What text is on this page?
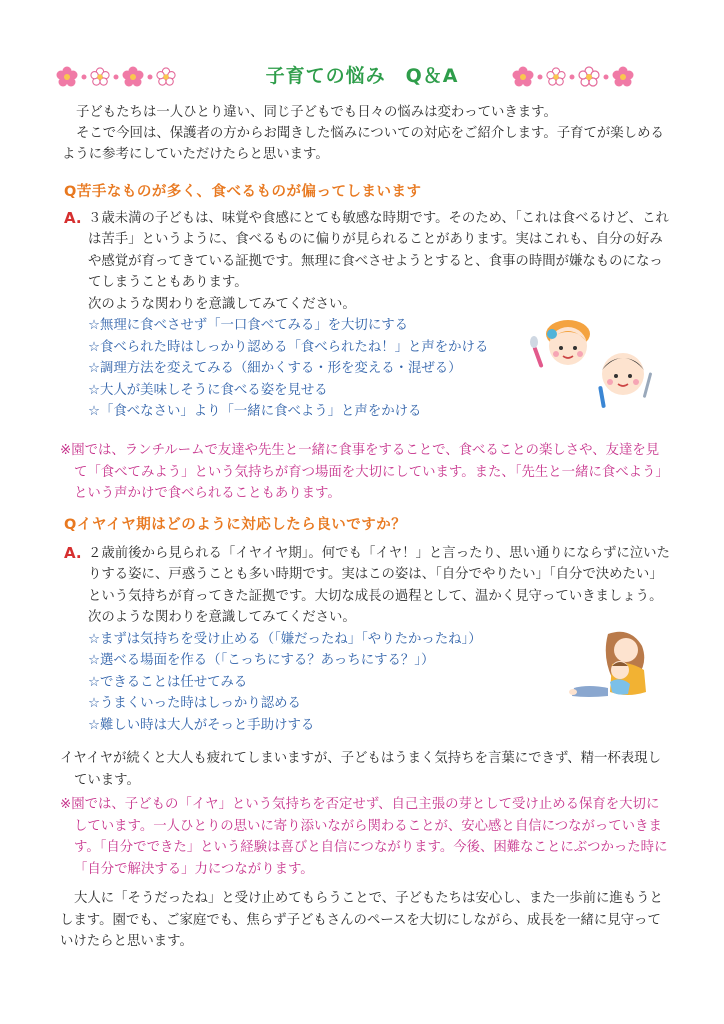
子育ての悩み　Q＆A

子どもたちは一人ひとり違い、同じ子どもでも日々の悩みは変わっていきます。

そこで今回は、保護者の方からお聞きした悩みについての対応をご紹介します。子育てが楽しめる

ように参考にしていただけたらと思います。

Q苦手なものが多く、食べるものが偏ってしまいます
A. ３歳未満の子どもは、味覚や食感にとても敏感な時期です。そのため、「これは食べるけど、これ

は苦手」というように、食べるものに偏りが見られることがあります。実はこれも、自分の好み

や感覚が育ってきている証拠です。無理に食べさせようとすると、食事の時間が嫌なものになっ

てしまうこともあります。

次のような関わりを意識してみてください。

☆無理に食べさせず「一口食べてみる」を大切にする
☆食べられた時はしっかり認める「食べられたね！」と声をかける
☆調理方法を変えてみる（細かくする・形を変える・混ぜる）
☆大人が美味しそうに食べる姿を見せる
☆「食べなさい」より「一緒に食べよう」と声をかける

※園では、ランチルームで友達や先生と一緒に食事をすることで、食べることの楽しさや、友達を見

て「食べてみよう」という気持ちが育つ場面を大切にしています。また、「先生と一緒に食べよう」

という声かけで食べられることもあります。

Qイヤイヤ期はどのように対応したら良いですか？
A. ２歳前後から見られる「イヤイヤ期」。何でも「イヤ！」と言ったり、思い通りにならずに泣いた

りする姿に、戸惑うことも多い時期です。実はこの姿は、「自分でやりたい」「自分で決めたい」

という気持ちが育ってきた証拠です。大切な成長の過程として、温かく見守っていきましょう。

次のような関わりを意識してみてください。

☆まずは気持ちを受け止める（「嫌だったね」「やりたかったね」）
☆選べる場面を作る（「こっちにする？あっちにする？」）
☆できることは任せてみる
☆うまくいった時はしっかり認める
☆難しい時は大人がそっと手助けする

イヤイヤが続くと大人も疲れてしまいますが、子どもはうまく気持ちを言葉にできず、精一杯表現し

ています。

※園では、子どもの「イヤ」という気持ちを否定せず、自己主張の芽として受け止める保育を大切に

しています。一人ひとりの思いに寄り添いながら関わることが、安心感と自信につながっていきま

す。「自分でできた」という経験は喜びと自信につながります。今後、困難なことにぶつかった時に

「自分で解決する」力につながります。

大人に「そうだったね」と受け止めてもらうことで、子どもたちは安心し、また一歩前に進もうと

します。園でも、ご家庭でも、焦らず子どもさんのペースを大切にしながら、成長を一緒に見守って

いけたらと思います。
